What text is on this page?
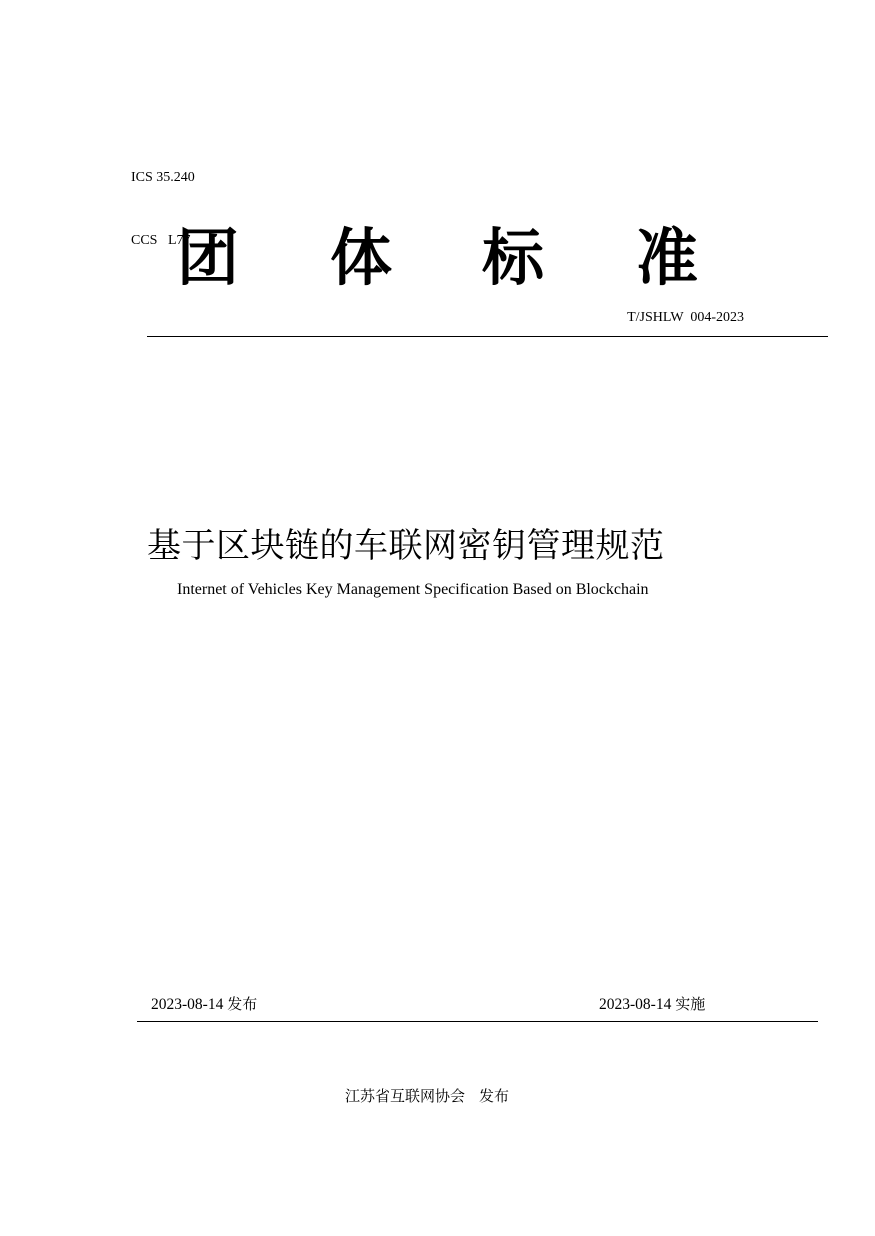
ICS 35.240

CCS   L77

团 体 标 准
T/JSHLW  004-2023
基于区块链的车联网密钥管理规范
Internet of Vehicles Key Management Specification Based on Blockchain
2023-08-14 发布	2023-08-14 实施
江苏省互联网协会 发布
